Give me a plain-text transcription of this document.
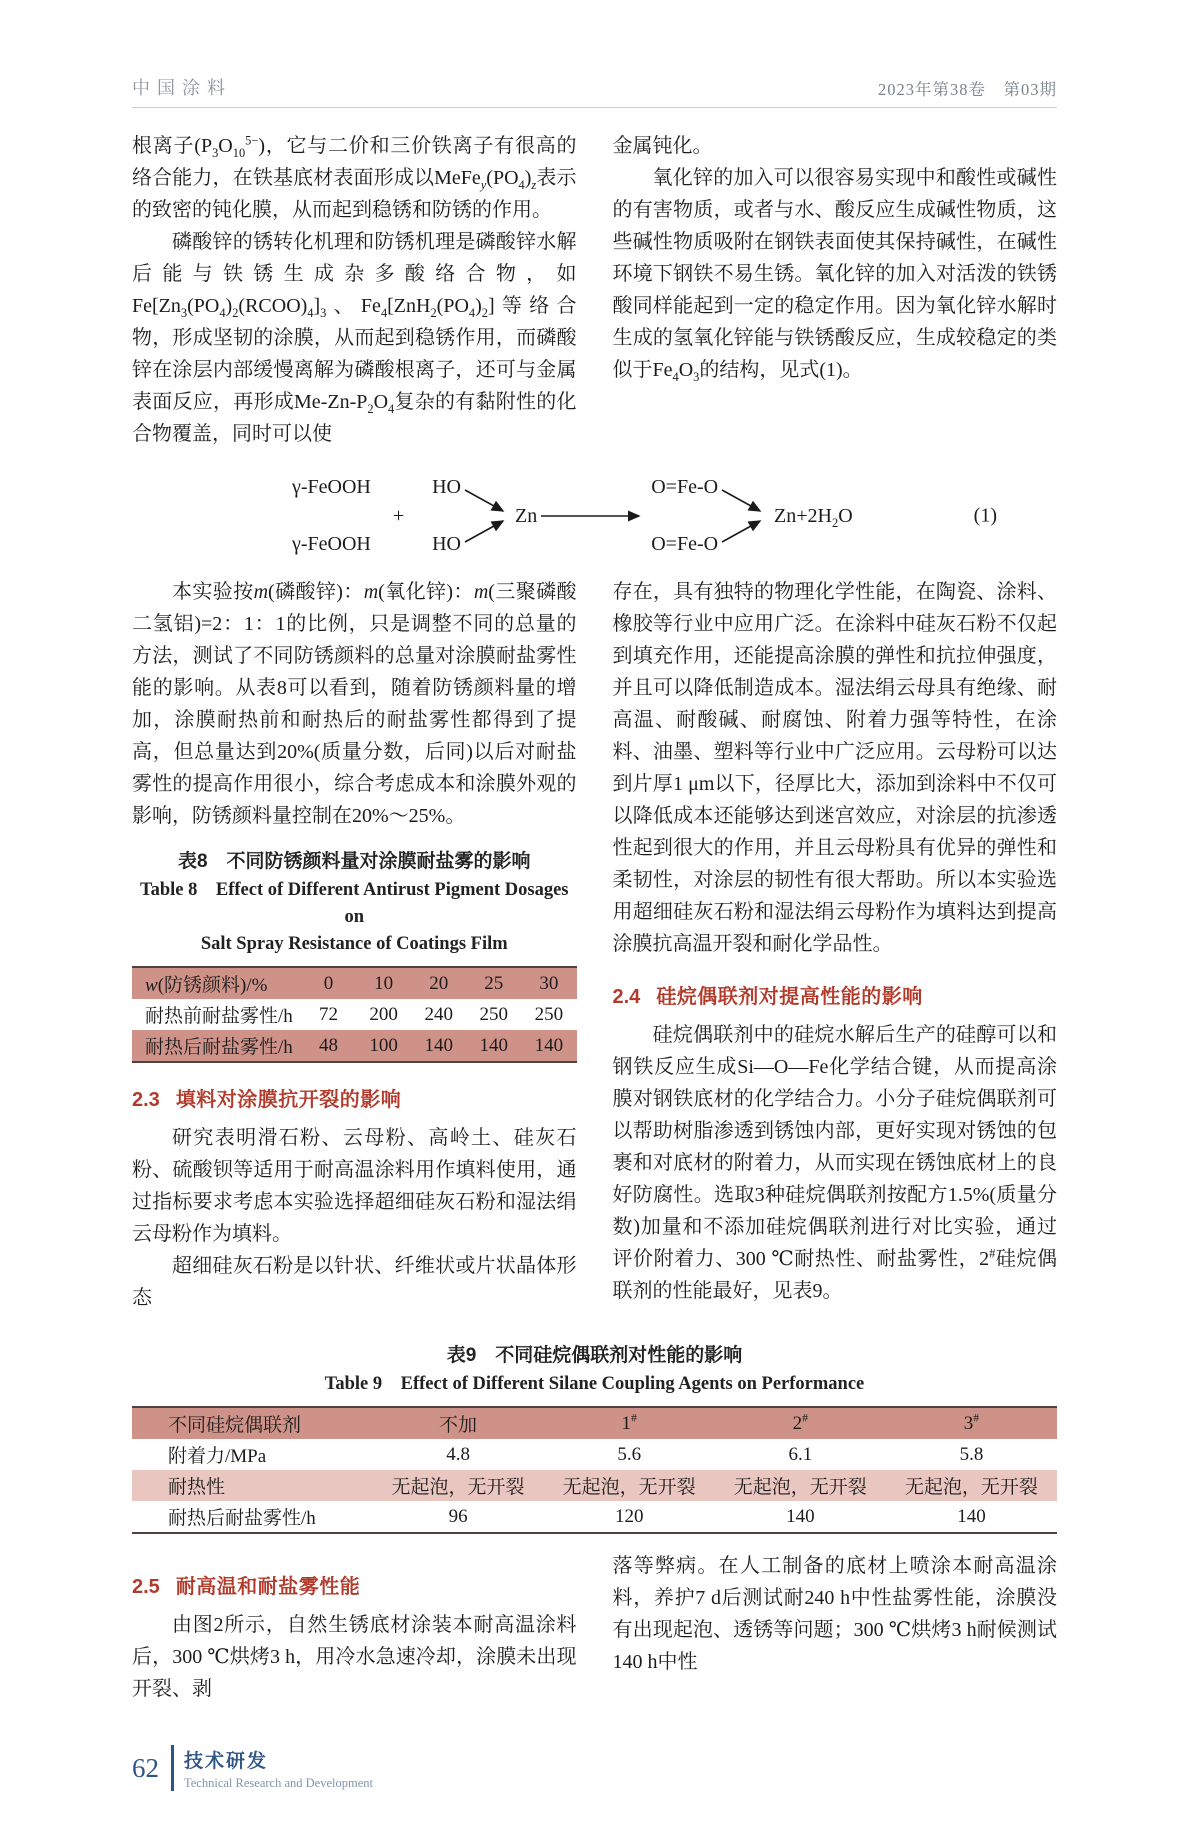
中国涂料	2023年第38卷　第03期

根离子$(P_3O_{10}^{5-})$，它与二价和三价铁离子有很高的络合能力，在铁基底材表面形成以$MeFe_y(PO_4)_z$表示的致密的钝化膜，从而起到稳锈和防锈的作用。

磷酸锌的锈转化机理和防锈机理是磷酸锌水解后能与铁锈生成杂多酸络合物，如$Fe[Zn_3(PO_4)_2(RCOO)_4]_3$、$Fe_4[ZnH_2(PO_4)_2]$等络合物，形成坚韧的涂膜，从而起到稳锈作用，而磷酸锌在涂层内部缓慢离解为磷酸根离子，还可与金属表面反应，再形成$Me-Zn-P_2O_4$复杂的有黏附性的化合物覆盖，同时可以使

金属钝化。

氧化锌的加入可以很容易实现中和酸性或碱性的有害物质，或者与水、酸反应生成碱性物质，这些碱性物质吸附在钢铁表面使其保持碱性，在碱性环境下钢铁不易生锈。氧化锌的加入对活泼的铁锈酸同样能起到一定的稳定作用。因为氧化锌水解时生成的氢氧化锌能与铁锈酸反应，生成较稳定的类似于$Fe_4O_3$的结构，见式(1)。

γ-FeOOH
γ-FeOOH
+
HO
HO
Zn
O=Fe-O
O=Fe-O
$Zn+2H_2O$	(1)

本实验按m(磷酸锌)：m(氧化锌)：m(三聚磷酸二氢铝)=2：1：1的比例，只是调整不同的总量的方法，测试了不同防锈颜料的总量对涂膜耐盐雾性能的影响。从表8可以看到，随着防锈颜料量的增加，涂膜耐热前和耐热后的耐盐雾性都得到了提高，但总量达到20%(质量分数，后同)以后对耐盐雾性的提高作用很小，综合考虑成本和涂膜外观的影响，防锈颜料量控制在20%～25%。

表8　不同防锈颜料量对涂膜耐盐雾的影响
Table 8　Effect of Different Antirust Pigment Dosages on
Salt Spray Resistance of Coatings Film
w(防锈颜料)/%	0	10	20	25	30
耐热前耐盐雾性/h	72	200	240	250	250
耐热后耐盐雾性/h	48	100	140	140	140
2.3 填料对涂膜抗开裂的影响

研究表明滑石粉、云母粉、高岭土、硅灰石粉、硫酸钡等适用于耐高温涂料用作填料使用，通过指标要求考虑本实验选择超细硅灰石粉和湿法绢云母粉作为填料。

超细硅灰石粉是以针状、纤维状或片状晶体形态

存在，具有独特的物理化学性能，在陶瓷、涂料、橡胶等行业中应用广泛。在涂料中硅灰石粉不仅起到填充作用，还能提高涂膜的弹性和抗拉伸强度，并且可以降低制造成本。湿法绢云母具有绝缘、耐高温、耐酸碱、耐腐蚀、附着力强等特性，在涂料、油墨、塑料等行业中广泛应用。云母粉可以达到片厚1 μm以下，径厚比大，添加到涂料中不仅可以降低成本还能够达到迷宫效应，对涂层的抗渗透性起到很大的作用，并且云母粉具有优异的弹性和柔韧性，对涂层的韧性有很大帮助。所以本实验选用超细硅灰石粉和湿法绢云母粉作为填料达到提高涂膜抗高温开裂和耐化学品性。

2.4 硅烷偶联剂对提高性能的影响

硅烷偶联剂中的硅烷水解后生产的硅醇可以和钢铁反应生成Si—O—Fe化学结合键，从而提高涂膜对钢铁底材的化学结合力。小分子硅烷偶联剂可以帮助树脂渗透到锈蚀内部，更好实现对锈蚀的包裹和对底材的附着力，从而实现在锈蚀底材上的良好防腐性。选取3种硅烷偶联剂按配方1.5%(质量分数)加量和不添加硅烷偶联剂进行对比实验，通过评价附着力、300 ℃耐热性、耐盐雾性，2#硅烷偶联剂的性能最好，见表9。

表9　不同硅烷偶联剂对性能的影响
Table 9　Effect of Different Silane Coupling Agents on Performance
不同硅烷偶联剂	不加	1#	2#	3#
附着力/MPa	4.8	5.6	6.1	5.8
耐热性	无起泡，无开裂	无起泡，无开裂	无起泡，无开裂	无起泡，无开裂
耐热后耐盐雾性/h	96	120	140	140
2.5 耐高温和耐盐雾性能

由图2所示，自然生锈底材涂装本耐高温涂料后，300 ℃烘烤3 h，用冷水急速冷却，涂膜未出现开裂、剥

落等弊病。在人工制备的底材上喷涂本耐高温涂料，养护7 d后测试耐240 h中性盐雾性能，涂膜没有出现起泡、透锈等问题；300 ℃烘烤3 h耐候测试140 h中性

62 技术研发
Technical Research and Development
